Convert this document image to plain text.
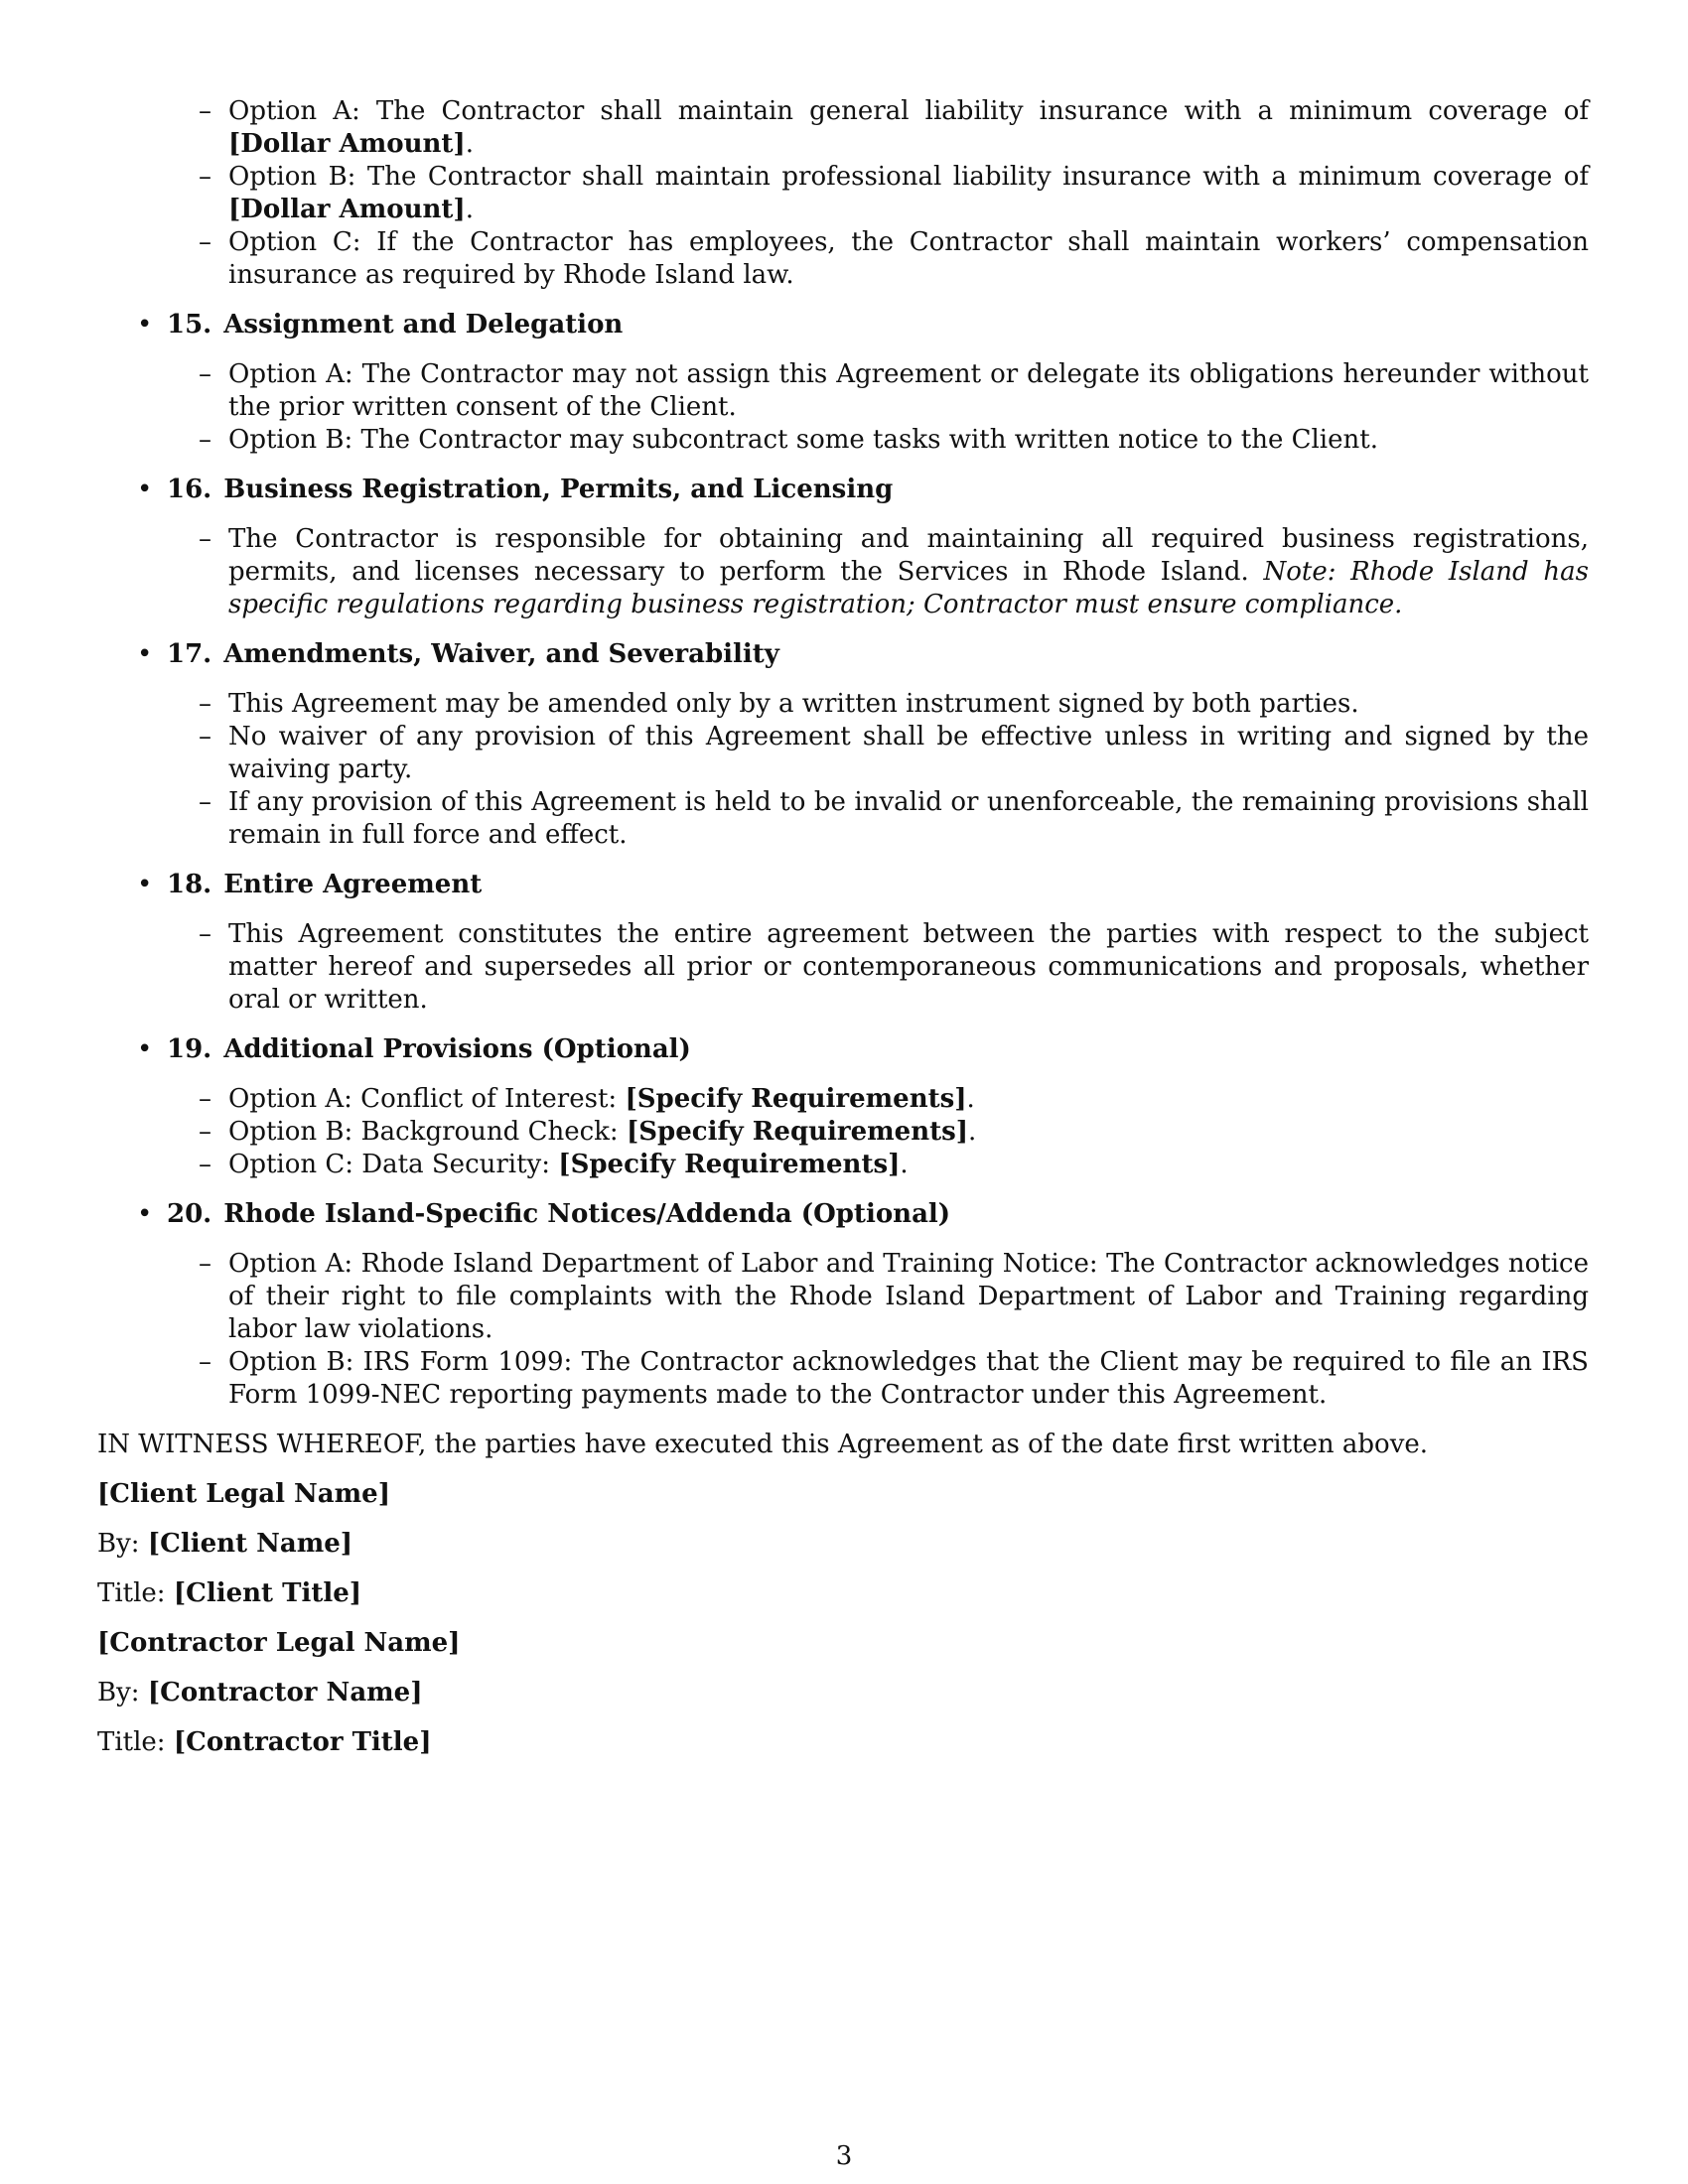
– Option A: The Contractor shall maintain general liability insurance with a minimum coverage of [Dollar Amount].
– Option B: The Contractor shall maintain professional liability insurance with a minimum coverage of [Dollar Amount].
– Option C: If the Contractor has employees, the Contractor shall maintain workers’ compensation insurance as required by Rhode Island law.
• 15. Assignment and Delegation
– Option A: The Contractor may not assign this Agreement or delegate its obligations hereunder without the prior written consent of the Client.
– Option B: The Contractor may subcontract some tasks with written notice to the Client.
• 16. Business Registration, Permits, and Licensing
– The Contractor is responsible for obtaining and maintaining all required business registrations, permits, and licenses necessary to perform the Services in Rhode Island. Note: Rhode Island has specific regulations regarding business registration; Contractor must ensure compliance.
• 17. Amendments, Waiver, and Severability
– This Agreement may be amended only by a written instrument signed by both parties.
– No waiver of any provision of this Agreement shall be effective unless in writing and signed by the waiving party.
– If any provision of this Agreement is held to be invalid or unenforceable, the remaining provisions shall remain in full force and effect.
• 18. Entire Agreement
– This Agreement constitutes the entire agreement between the parties with respect to the subject matter hereof and supersedes all prior or contemporaneous communications and proposals, whether oral or written.
• 19. Additional Provisions (Optional)
– Option A: Conflict of Interest: [Specify Requirements].
– Option B: Background Check: [Specify Requirements].
– Option C: Data Security: [Specify Requirements].
• 20. Rhode Island-Specific Notices/Addenda (Optional)
– Option A: Rhode Island Department of Labor and Training Notice: The Contractor acknowledges notice of their right to file complaints with the Rhode Island Department of Labor and Training regarding labor law violations.
– Option B: IRS Form 1099: The Contractor acknowledges that the Client may be required to file an IRS Form 1099-NEC reporting payments made to the Contractor under this Agreement.
IN WITNESS WHEREOF, the parties have executed this Agreement as of the date first written above.
[Client Legal Name]
By: [Client Name]
Title: [Client Title]
[Contractor Legal Name]
By: [Contractor Name]
Title: [Contractor Title]
3
